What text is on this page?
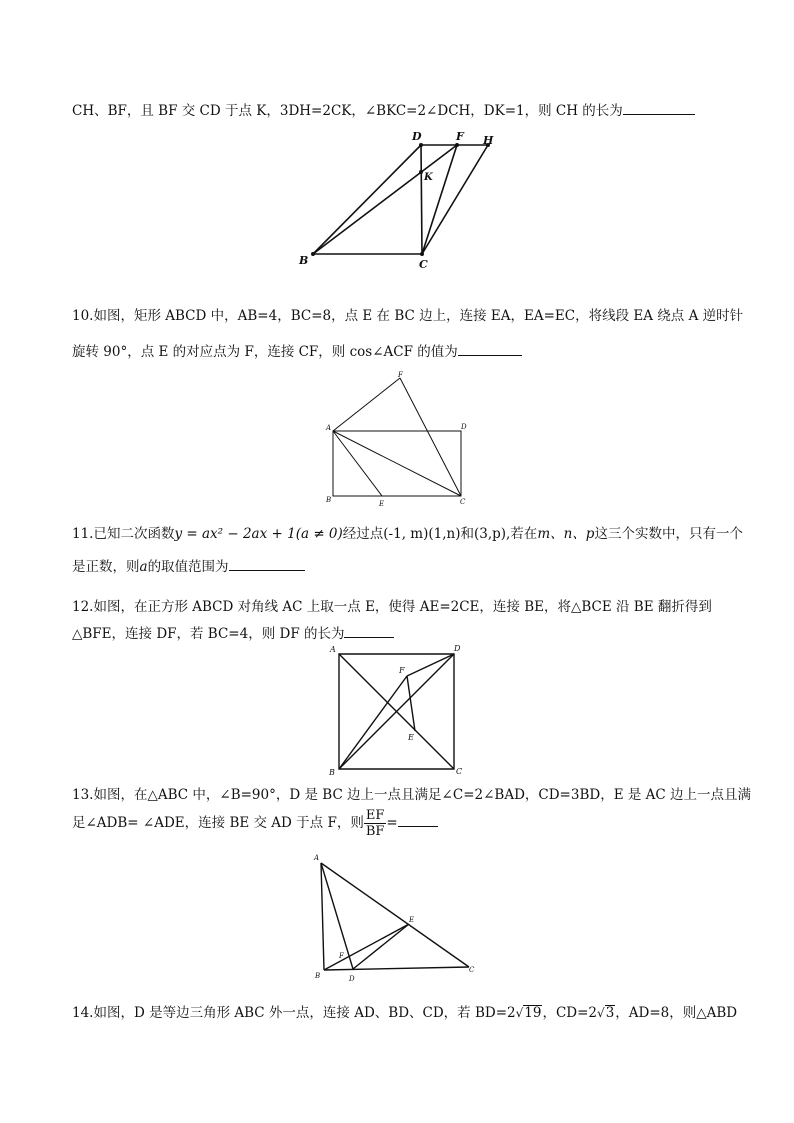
CH、BF，且 BF 交 CD 于点 K，3DH=2CK，∠BKC=2∠DCH，DK=1，则 CH 的长为
D	F H
K
B	C
10.如图，矩形 ABCD 中，AB=4，BC=8，点 E 在 BC 边上，连接 EA，EA=EC，将线段 EA 绕点 A 逆时针
旋转 90°，点 E 的对应点为 F，连接 CF，则 cos∠ACF 的值为
F
A	D
B	E	C
11.已知二次函数y = ax² − 2ax + 1(a ≠ 0)经过点(-1, m)(1,n)和(3,p),若在m、n、p这三个实数中，只有一个
是正数，则a的取值范围为
12.如图，在正方形 ABCD 对角线 AC 上取一点 E，使得 AE=2CE，连接 BE，将△BCE 沿 BE 翻折得到
△BFE，连接 DF，若 BC=4，则 DF 的长为
A	D
F
E
B	C
13.如图，在△ABC 中，∠B=90°，D 是 BC 边上一点且满足∠C=2∠BAD，CD=3BD，E 是 AC 边上一点且满
足∠ADB= ∠ADE，连接 BE 交 AD 于点 F，则 $\frac{EF}{BF}$ =
A
E
F
B	D
C
14.如图，D 是等边三角形 ABC 外一点，连接 AD、BD、CD，若 BD=2√19，CD=2√3，AD=8，则△ABD
